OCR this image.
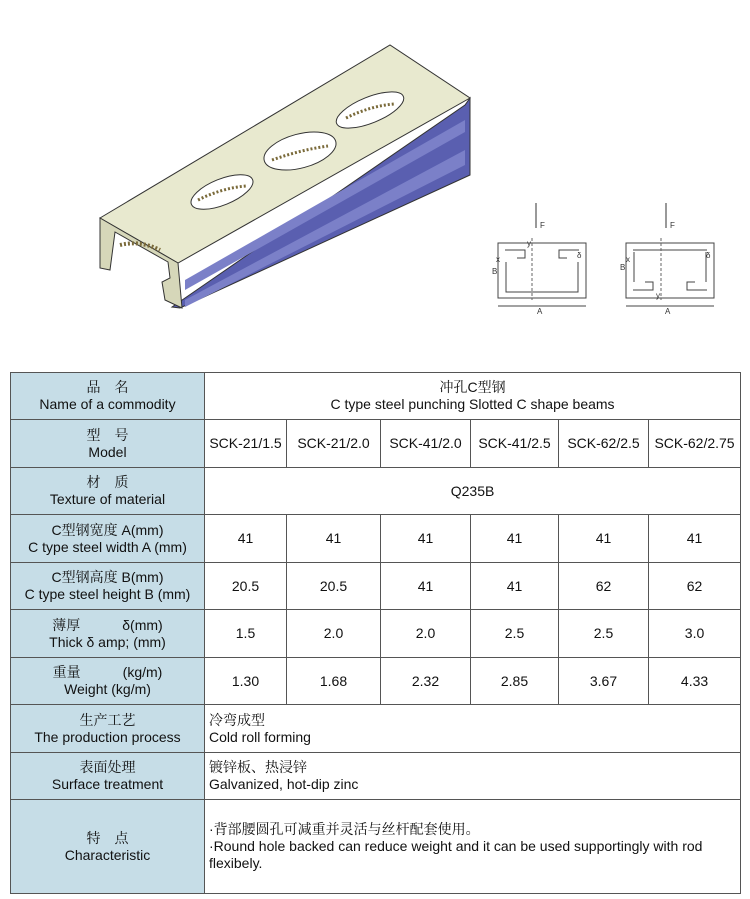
F
y
B
x
A
δ
F
y
B
x
A
δ
品　名
Name of a commodity	冲孔C型钢
C type steel punching Slotted C shape beams					

型　号
Model	SCK-21/1.5	SCK-21/2.0	SCK-41/2.0	SCK-41/2.5	SCK-62/2.5	SCK-62/2.75

材　质
Texture of material	Q235B					

C型钢宽度 A(mm)
C type steel width A (mm)	41	41	41	41	41	41

C型钢高度 B(mm)
C type steel height B (mm)	20.5	20.5	41	41	62	62

薄厚　　　δ(mm)
Thick δ amp; (mm)	1.5	2.0	2.0	2.5	2.5	3.0

重量　　　(kg/m)
Weight (kg/m)	1.30	1.68	2.32	2.85	3.67	4.33

生产工艺
The production process	冷弯成型
Cold roll forming					

表面处理
Surface treatment	镀锌板、热浸锌
Galvanized, hot-dip zinc					

特　点
Characteristic	·背部腰圆孔可减重并灵活与丝杆配套使用。
·Round hole backed can reduce weight and it can be used supportingly with rod flexibely.					
